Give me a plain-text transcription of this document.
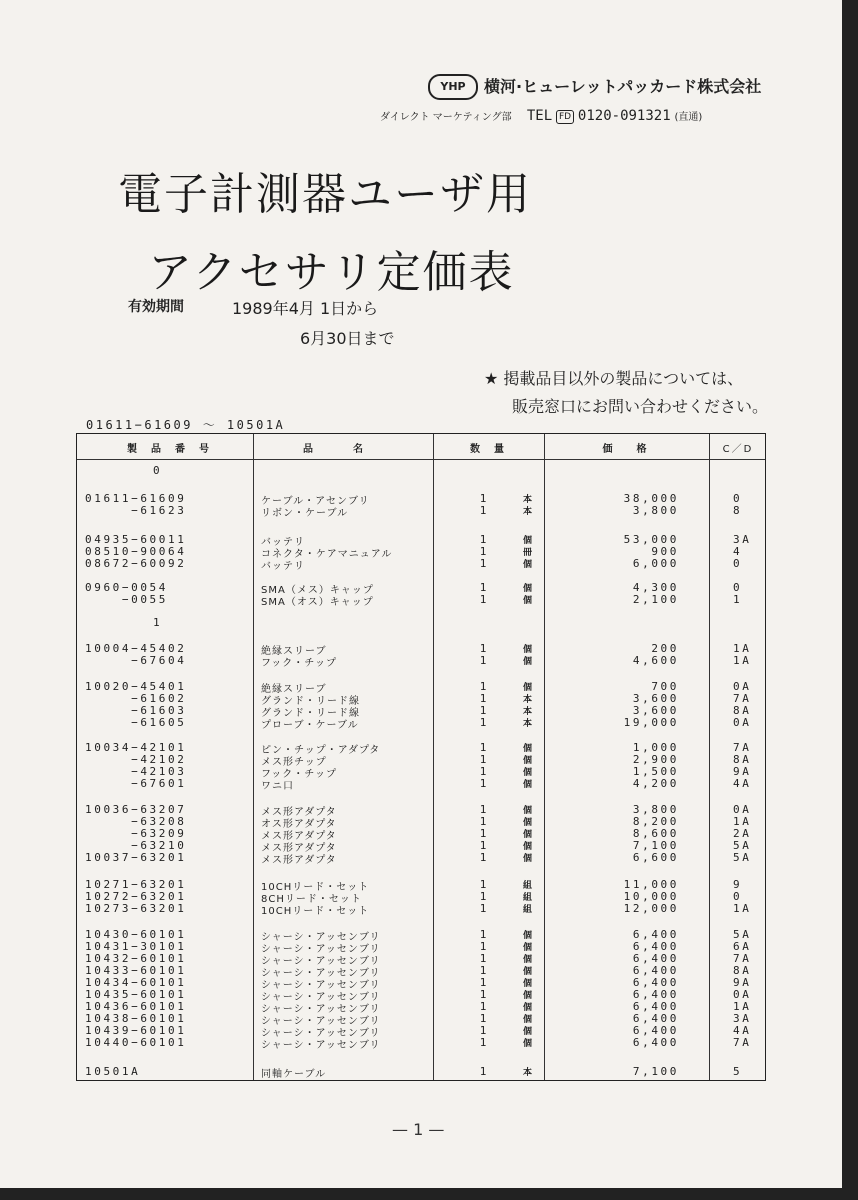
YHP	横河·ヒューレットパッカード株式会社
ダイレクト マーケティング部 TEL FD 0120-091321 (直通)
電子計測器ユーザ用
アクセサリ定価表
有効期間	1989年4月 1日から
6月30日まで
★ 掲載品目以外の製品については、
販売窓口にお問い合わせください。
01611−61609 〜 10501A
製品番号	品名	数量	価格	C／D
0
1
01611−61609	ケーブル・アセンブリ	1	本	38,000	0
−61623	リボン・ケーブル	1	本	3,800	8
04935−60011	バッテリ	1	個	53,000	3A
08510−90064	コネクタ・ケアマニュアル	1	冊	900	4
08672−60092	バッテリ	1	個	6,000	0
0960−0054	SMA（メス）キャップ	1	個	4,300	0
−0055	SMA（オス）キャップ	1	個	2,100	1
10004−45402	絶縁スリーブ	1	個	200	1A
−67604	フック・チップ	1	個	4,600	1A
10020−45401	絶縁スリーブ	1	個	700	0A
−61602	グランド・リード線	1	本	3,600	7A
−61603	グランド・リード線	1	本	3,600	8A
−61605	プローブ・ケーブル	1	本	19,000	0A
10034−42101	ピン・チップ・アダプタ	1	個	1,000	7A
−42102	メス形チップ	1	個	2,900	8A
−42103	フック・チップ	1	個	1,500	9A
−67601	ワニ口	1	個	4,200	4A
10036−63207	メス形アダプタ	1	個	3,800	0A
−63208	オス形アダプタ	1	個	8,200	1A
−63209	メス形アダプタ	1	個	8,600	2A
−63210	メス形アダプタ	1	個	7,100	5A
10037−63201	メス形アダプタ	1	個	6,600	5A
10271−63201	10CHリード・セット	1	組	11,000	9
10272−63201	8CHリード・セット	1	組	10,000	0
10273−63201	10CHリード・セット	1	組	12,000	1A
10430−60101	シャーシ・アッセンブリ	1	個	6,400	5A
10431−30101	シャーシ・アッセンブリ	1	個	6,400	6A
10432−60101	シャーシ・アッセンブリ	1	個	6,400	7A
10433−60101	シャーシ・アッセンブリ	1	個	6,400	8A
10434−60101	シャーシ・アッセンブリ	1	個	6,400	9A
10435−60101	シャーシ・アッセンブリ	1	個	6,400	0A
10436−60101	シャーシ・アッセンブリ	1	個	6,400	1A
10438−60101	シャーシ・アッセンブリ	1	個	6,400	3A
10439−60101	シャーシ・アッセンブリ	1	個	6,400	4A
10440−60101	シャーシ・アッセンブリ	1	個	6,400	7A
10501A	同軸ケーブル	1	本	7,100	5
— 1 —
